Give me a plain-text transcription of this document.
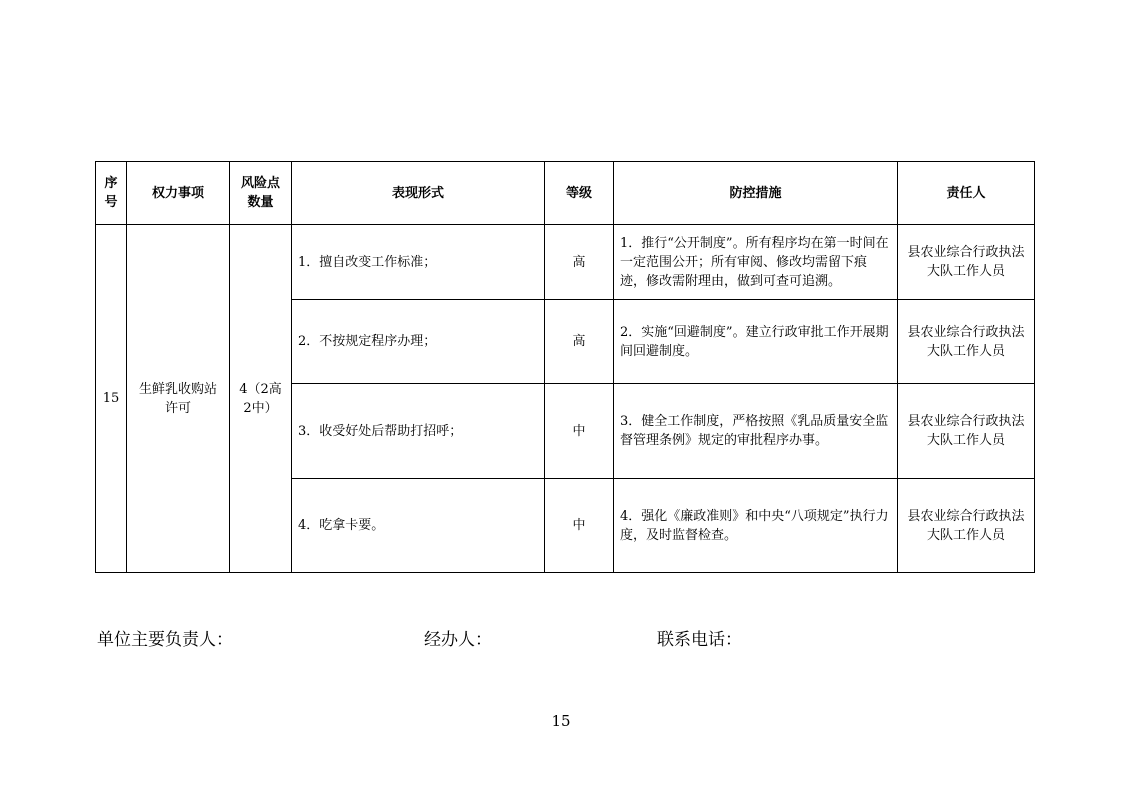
序号	权力事项	风险点数量	表现形式	等级	防控措施	责任人
15	生鲜乳收购站许可	4（2高2中）	1．擅自改变工作标准；	高	1．推行“公开制度”。所有程序均在第一时间在一定范围公开；所有审阅、修改均需留下痕迹，修改需附理由，做到可查可追溯。	县农业综合行政执法大队工作人员
			2．不按规定程序办理；	高	2．实施“回避制度”。建立行政审批工作开展期间回避制度。	县农业综合行政执法大队工作人员
			3．收受好处后帮助打招呼；	中	3．健全工作制度，严格按照《乳品质量安全监督管理条例》规定的审批程序办事。	县农业综合行政执法大队工作人员
			4．吃拿卡要。	中	4．强化《廉政准则》和中央“八项规定”执行力度，及时监督检查。	县农业综合行政执法大队工作人员
单位主要负责人：	经办人：	联系电话：
15
